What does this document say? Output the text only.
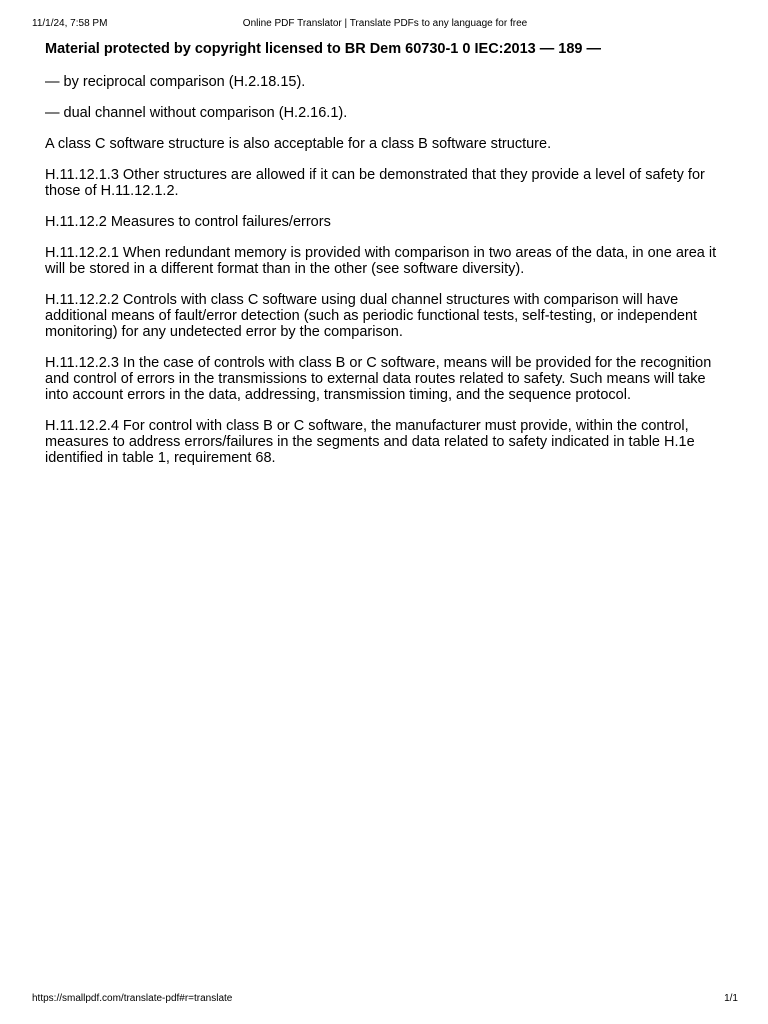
11/1/24, 7:58 PM	Online PDF Translator | Translate PDFs to any language for free

Material protected by copyright licensed to BR Dem 60730-1 0 IEC:2013 — 189 —

— by reciprocal comparison (H.2.18.15).

— dual channel without comparison (H.2.16.1).

A class C software structure is also acceptable for a class B software structure.

H.11.12.1.3 Other structures are allowed if it can be demonstrated that they provide a level of safety for those of H.11.12.1.2.

H.11.12.2 Measures to control failures/errors

H.11.12.2.1 When redundant memory is provided with comparison in two areas of the data, in one area it will be stored in a different format than in the other (see software diversity).

H.11.12.2.2 Controls with class C software using dual channel structures with comparison will have additional means of fault/error detection (such as periodic functional tests, self-testing, or independent monitoring) for any undetected error by the comparison.

H.11.12.2.3 In the case of controls with class B or C software, means will be provided for the recognition and control of errors in the transmissions to external data routes related to safety. Such means will take into account errors in the data, addressing, transmission timing, and the sequence protocol.

H.11.12.2.4 For control with class B or C software, the manufacturer must provide, within the control, measures to address errors/failures in the segments and data related to safety indicated in table H.1e identified in table 1, requirement 68.

https://smallpdf.com/translate-pdf#r=translate	1/1
